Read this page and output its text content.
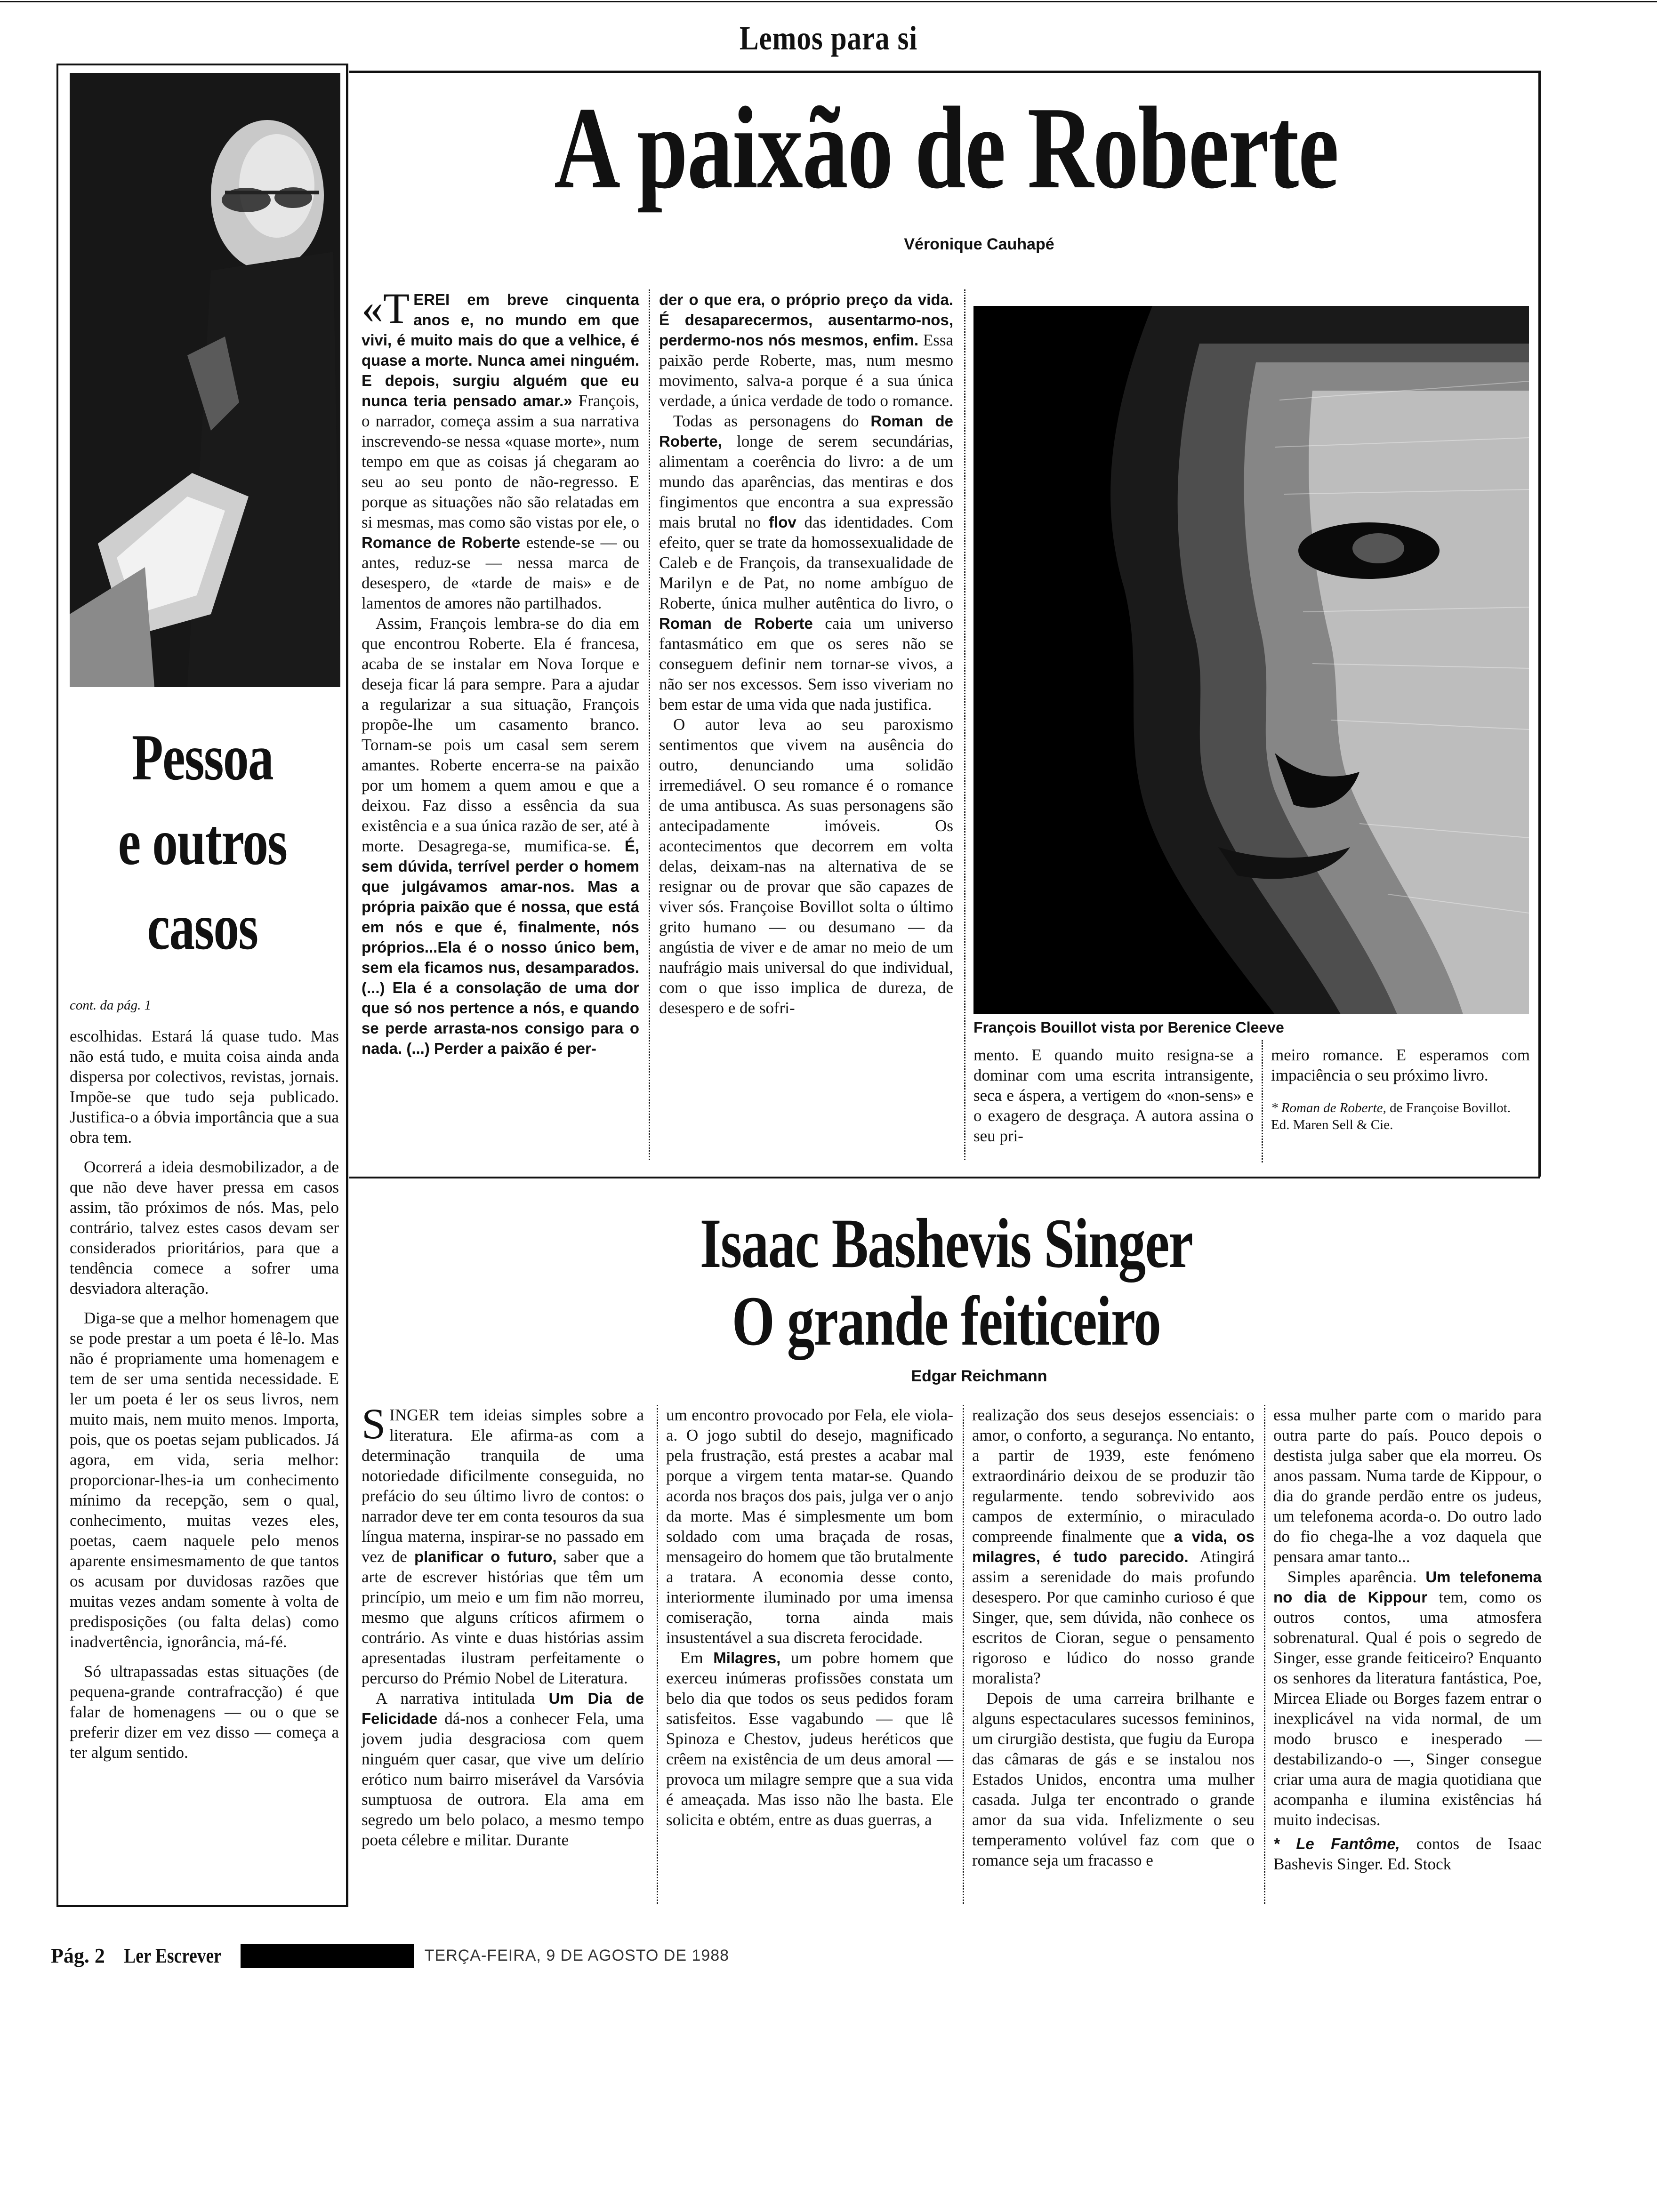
Lemos para si
Pessoa
e outros
casos
cont. da pág. 1

escolhidas. Estará lá quase tudo. Mas não está tudo, e muita coisa ainda anda dispersa por colectivos, revistas, jornais. Impõe-se que tudo seja publicado. Justifica-o a óbvia importância que a sua obra tem.

Ocorrerá a ideia desmobilizador, a de que não deve haver pressa em casos assim, tão próximos de nós. Mas, pelo contrário, talvez estes casos devam ser considerados prioritários, para que a tendência comece a sofrer uma desviadora alteração.

Diga-se que a melhor homenagem que se pode prestar a um poeta é lê-lo. Mas não é propriamente uma homenagem e tem de ser uma sentida necessidade. E ler um poeta é ler os seus livros, nem muito mais, nem muito menos. Importa, pois, que os poetas sejam publicados. Já agora, em vida, seria melhor: proporcionar-lhes-ia um conhecimento mínimo da recepção, sem o qual, conhecimento, muitas vezes eles, poetas, caem naquele pelo menos aparente ensimesmamento de que tantos os acusam por duvidosas razões que muitas vezes andam somente à volta de predisposições (ou falta delas) como inadvertência, ignorância, má-fé.

Só ultrapassadas estas situações (de pequena-grande contrafracção) é que falar de homenagens — ou o que se preferir dizer em vez disso — começa a ter algum sentido.

A paixão de Roberte
Véronique Cauhapé

«TEREI em breve cinquenta anos e, no mundo em que vivi, é muito mais do que a velhice, é quase a morte. Nunca amei ninguém. E depois, surgiu alguém que eu nunca teria pensado amar.» François, o narrador, começa assim a sua narrativa inscrevendo-se nessa «quase morte», num tempo em que as coisas já chegaram ao seu ao seu ponto de não-regresso. E porque as situações não são relatadas em si mesmas, mas como são vistas por ele, o Romance de Roberte estende-se — ou antes, reduz-se — nessa marca de desespero, de «tarde de mais» e de lamentos de amores não partilhados.

Assim, François lembra-se do dia em que encontrou Roberte. Ela é francesa, acaba de se instalar em Nova Iorque e deseja ficar lá para sempre. Para a ajudar a regularizar a sua situação, François propõe-lhe um casamento branco. Tornam-se pois um casal sem serem amantes. Roberte encerra-se na paixão por um homem a quem amou e que a deixou. Faz disso a essência da sua existência e a sua única razão de ser, até à morte. Desagrega-se, mumifica-se. É, sem dúvida, terrível perder o homem que julgávamos amar-nos. Mas a própria paixão que é nossa, que está em nós e que é, finalmente, nós próprios...Ela é o nosso único bem, sem ela ficamos nus, desamparados. (...) Ela é a consolação de uma dor que só nos pertence a nós, e quando se perde arrasta-nos consigo para o nada. (...) Perder a paixão é per-

der o que era, o próprio preço da vida. É desaparecermos, ausentarmo-nos, perdermo-nos nós mesmos, enfim. Essa paixão perde Roberte, mas, num mesmo movimento, salva-a porque é a sua única verdade, a única verdade de todo o romance.

Todas as personagens do Roman de Roberte, longe de serem secundárias, alimentam a coerência do livro: a de um mundo das aparências, das mentiras e dos fingimentos que encontra a sua expressão mais brutal no flov das identidades. Com efeito, quer se trate da homossexualidade de Caleb e de François, da transexualidade de Marilyn e de Pat, no nome ambíguo de Roberte, única mulher autêntica do livro, o Roman de Roberte caia um universo fantasmático em que os seres não se conseguem definir nem tornar-se vivos, a não ser nos excessos. Sem isso viveriam no bem estar de uma vida que nada justifica.

O autor leva ao seu paroxismo sentimentos que vivem na ausência do outro, denunciando uma solidão irremediável. O seu romance é o romance de uma antibusca. As suas personagens são antecipadamente imóveis. Os acontecimentos que decorrem em volta delas, deixam-nas na alternativa de se resignar ou de provar que são capazes de viver sós. Françoise Bovillot solta o último grito humano — ou desumano — da angústia de viver e de amar no meio de um naufrágio mais universal do que individual, com o que isso implica de dureza, de desespero e de sofri-

François Bouillot vista por Berenice Cleeve

mento. E quando muito resigna-se a dominar com uma escrita intransigente, seca e áspera, a vertigem do «non-sens» e o exagero de desgraça. A autora assina o seu pri-

meiro romance. E esperamos com impaciência o seu próximo livro.

* Roman de Roberte, de Françoise Bovillot.
Ed. Maren Sell & Cie.
Isaac Bashevis Singer
O grande feiticeiro
Edgar Reichmann

SINGER tem ideias simples sobre a literatura. Ele afirma-as com a determinação tranquila de uma notoriedade dificilmente conseguida, no prefácio do seu último livro de contos: o narrador deve ter em conta tesouros da sua língua materna, inspirar-se no passado em vez de planificar o futuro, saber que a arte de escrever histórias que têm um princípio, um meio e um fim não morreu, mesmo que alguns críticos afirmem o contrário. As vinte e duas histórias assim apresentadas ilustram perfeitamente o percurso do Prémio Nobel de Literatura.

A narrativa intitulada Um Dia de Felicidade dá-nos a conhecer Fela, uma jovem judia desgraciosa com quem ninguém quer casar, que vive um delírio erótico num bairro miserável da Varsóvia sumptuosa de outrora. Ela ama em segredo um belo polaco, a mesmo tempo poeta célebre e militar. Durante

um encontro provocado por Fela, ele viola-a. O jogo subtil do desejo, magnificado pela frustração, está prestes a acabar mal porque a virgem tenta matar-se. Quando acorda nos braços dos pais, julga ver o anjo da morte. Mas é simplesmente um bom soldado com uma braçada de rosas, mensageiro do homem que tão brutalmente a tratara. A economia desse conto, interiormente iluminado por uma imensa comiseração, torna ainda mais insustentável a sua discreta ferocidade.

Em Milagres, um pobre homem que exerceu inúmeras profissões constata um belo dia que todos os seus pedidos foram satisfeitos. Esse vagabundo — que lê Spinoza e Chestov, judeus heréticos que crêem na existência de um deus amoral — provoca um milagre sempre que a sua vida é ameaçada. Mas isso não lhe basta. Ele solicita e obtém, entre as duas guerras, a

realização dos seus desejos essenciais: o amor, o conforto, a segurança. No entanto, a partir de 1939, este fenómeno extraordinário deixou de se produzir tão regularmente. tendo sobrevivido aos campos de extermínio, o miraculado compreende finalmente que a vida, os milagres, é tudo parecido. Atingirá assim a serenidade do mais profundo desespero. Por que caminho curioso é que Singer, que, sem dúvida, não conhece os escritos de Cioran, segue o pensamento rigoroso e lúdico do nosso grande moralista?

Depois de uma carreira brilhante e alguns espectaculares sucessos femininos, um cirurgião destista, que fugiu da Europa das câmaras de gás e se instalou nos Estados Unidos, encontra uma mulher casada. Julga ter encontrado o grande amor da sua vida. Infelizmente o seu temperamento volúvel faz com que o romance seja um fracasso e

essa mulher parte com o marido para outra parte do país. Pouco depois o destista julga saber que ela morreu. Os anos passam. Numa tarde de Kippour, o dia do grande perdão entre os judeus, um telefonema acorda-o. Do outro lado do fio chega-lhe a voz daquela que pensara amar tanto...

Simples aparência. Um telefonema no dia de Kippour tem, como os outros contos, uma atmosfera sobrenatural. Qual é pois o segredo de Singer, esse grande feiticeiro? Enquanto os senhores da literatura fantástica, Poe, Mircea Eliade ou Borges fazem entrar o inexplicável na vida normal, de um modo brusco e inesperado — destabilizando-o —, Singer consegue criar uma aura de magia quotidiana que acompanha e ilumina existências há muito indecisas.

* Le Fantôme, contos de Isaac Bashevis Singer. Ed. Stock
Pág. 2 Ler Escrever Diário de Lisboa	TERÇA-FEIRA, 9 DE AGOSTO DE 1988
